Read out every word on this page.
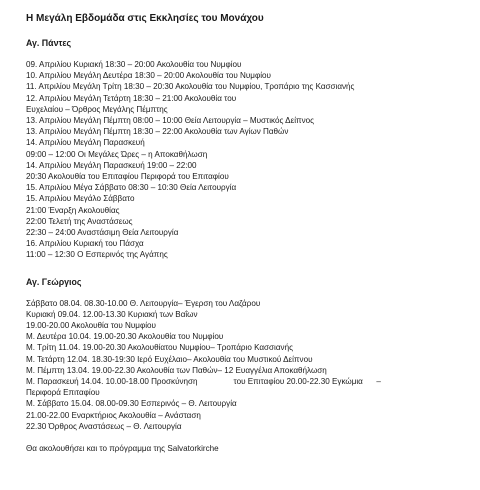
Η Μεγάλη Εβδομάδα στις Εκκλησίες του Μονάχου
Αγ. Πάντες
09. Απριλίου Κυριακή 18:30 – 20:00 Ακολουθία του Νυμφίου
10. Απριλίου Μεγάλη Δευτέρα 18:30 – 20:00 Ακολουθία του Νυμφίου
11. Απριλίου Μεγάλη Τρίτη 18:30 – 20:30 Ακολουθία του Νυμφίου, Τροπάριο της Κασσιανής
12. Απριλίου Μεγάλη Τετάρτη 18:30 – 21:00 Ακολουθία του
Ευχελαίου – Όρθρος Μεγάλης Πέμπτης
13. Απριλίου Μεγάλη Πέμπτη 08:00 – 10:00 Θεία Λειτουργία – Μυστικός Δείπνος
13. Απριλίου Μεγάλη Πέμπτη 18:30 – 22:00 Ακολουθία των Αγίων Παθών
14. Απριλίου Μεγάλη Παρασκευή
09:00 – 12:00 Οι Μεγάλες Ώρες – η Αποκαθήλωση
14. Απριλίου Μεγάλη Παρασκευή 19:00 – 22:00
20:30 Ακολουθία του Επιταφίου Περιφορά του Επιταφίου
15. Απριλίου Μέγα Σάββατο 08:30 – 10:30 Θεία Λειτουργία
15. Απριλίου Μεγάλο Σάββατο
21:00 Έναρξη Ακολουθίας
22:00 Τελετή της Αναστάσεως
22:30 – 24:00 Αναστάσιμη Θεία Λειτουργία
16. Απριλίου Κυριακή του Πάσχα
11:00 – 12:30 Ο Εσπερινός της Αγάπης
Αγ. Γεώργιος
Σάββατο 08.04. 08.30-10.00 Θ. Λειτουργία– Έγερση του Λαζάρου
Κυριακή 09.04. 12.00-13.30 Κυριακή των Βαΐων
19.00-20.00 Ακολουθία του Νυμφίου
Μ. Δευτέρα 10.04. 19.00-20.30 Ακολουθία του Νυμφίου
Μ. Τρίτη 11.04. 19.00-20.30 Ακολουθίατου Νυμφίου– Τροπάριο Κασσιανής
Μ. Τετάρτη 12.04. 18.30-19:30 Ιερό Ευχέλαιο– Ακολουθία του Μυστικού Δείπνου
Μ. Πέμπτη 13.04. 19.00-22.30 Ακολουθία των Παθών– 12 Ευαγγέλια Αποκαθήλωση
Μ. Παρασκευή 14.04. 10.00-18.00 Προσκύνηση                του Επιταφίου 20.00-22.30 Εγκώμια      –
Περιφορά Επιταφίου
Μ. Σάββατο 15.04. 08.00-09.30 Εσπερινός – Θ. Λειτουργία
21.00-22.00 Εναρκτήριος Ακολουθία – Ανάσταση
22.30 Όρθρος Αναστάσεως – Θ. Λειτουργία
Θα ακολουθήσει και το πρόγραμμα της Salvatorkirche
